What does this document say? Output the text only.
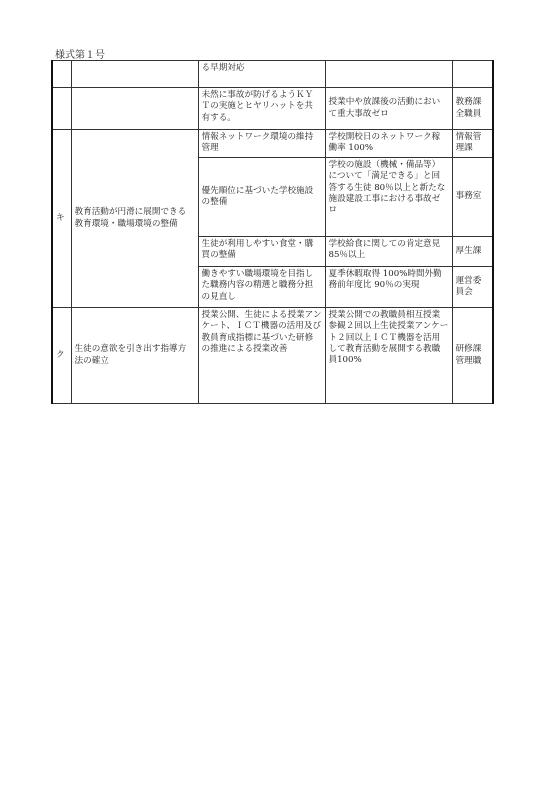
様式第１号
		る早期対応		
		未然に事故が防げるようＫＹＴの実施とヒヤリハットを共有する。	授業中や放課後の活動において重大事故ゼロ	教務課全職員
キ	教育活動が円滑に展開できる教育環境・職場環境の整備	情報ネットワーク環境の維持管理	学校開校日のネットワーク稼働率 100%	情報管理課
		優先順位に基づいた学校施設の整備	学校の施設（機械・備品等）について「満足できる」と回答する生徒 80％以上と新たな施設建設工事における事故ゼロ	事務室
		生徒が利用しやすい食堂・購買の整備	学校給食に関しての肯定意見 85％以上	厚生課
		働きやすい職場環境を目指した職務内容の精選と職務分担の見直し	夏季休暇取得 100%時間外勤務前年度比 90％の実現	運営委員会
ク	生徒の意欲を引き出す指導方法の確立	授業公開、生徒による授業アンケート、ＩＣＴ機器の活用及び教員育成指標に基づいた研修の推進による授業改善	授業公開での教職員相互授業参観２回以上生徒授業アンケート２回以上ＩＣＴ機器を活用して教育活動を展開する教職員100%	研修課管理職
